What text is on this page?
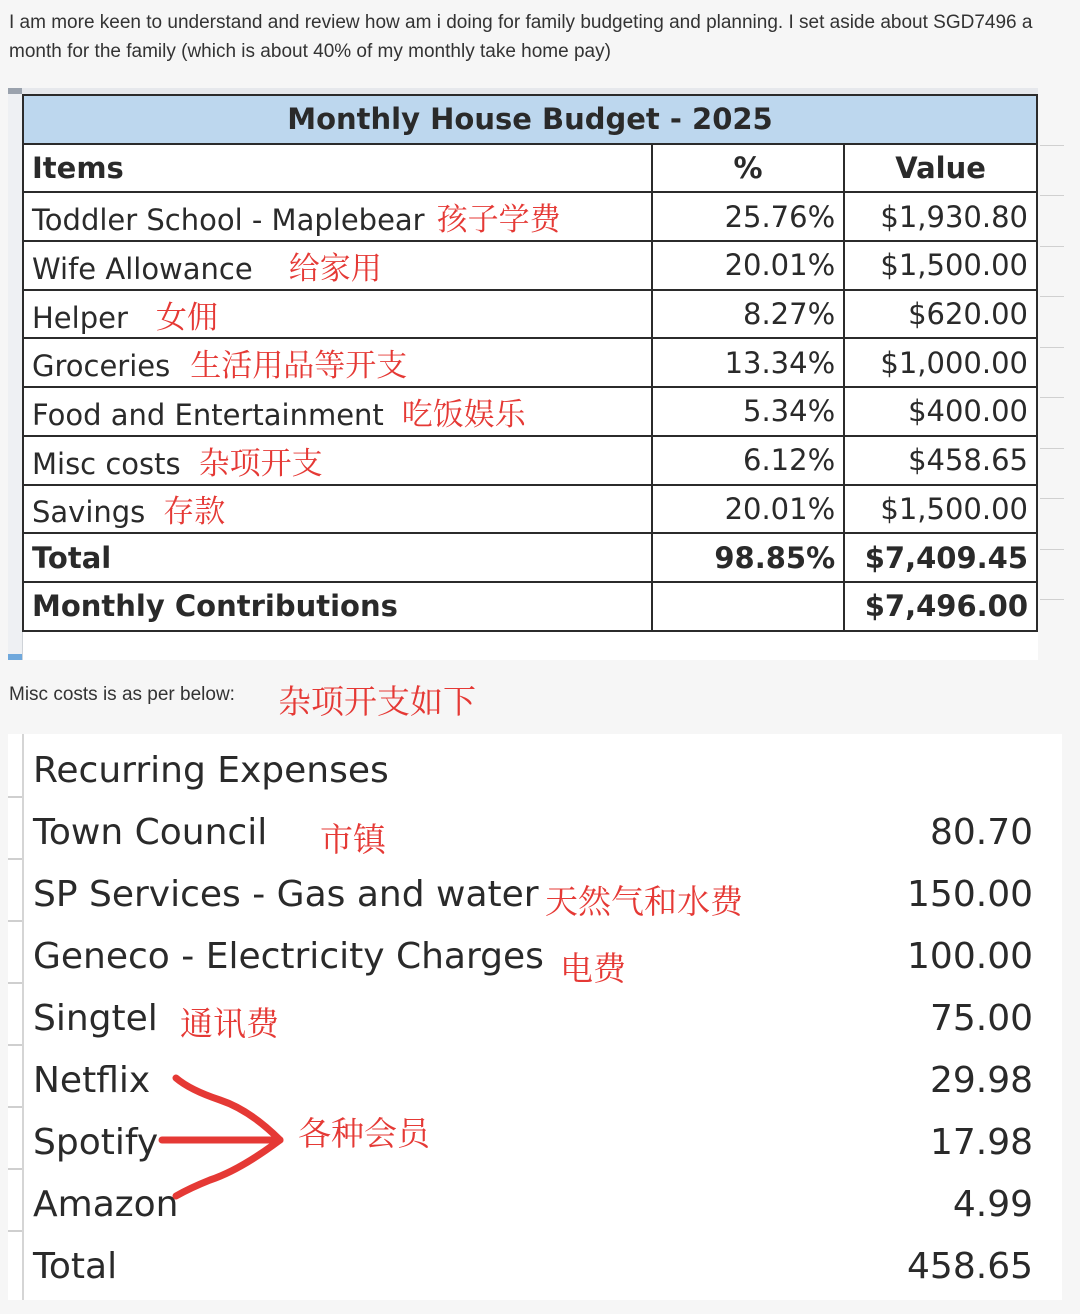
I am more keen to understand and review how am i doing for family budgeting and planning. I set aside about SGD7496 a month for the family (which is about 40% of my monthly take home pay)
Monthly House Budget - 2025		
Items	%	Value
Toddler School - Maplebear 孩子学费	25.76%	$1,930.80
Wife Allowance 给家用	20.01%	$1,500.00
Helper 女佣	8.27%	$620.00
Groceries 生活用品等开支	13.34%	$1,000.00
Food and Entertainment 吃饭娱乐	5.34%	$400.00
Misc costs 杂项开支	6.12%	$458.65
Savings 存款	20.01%	$1,500.00
Total	98.85%	$7,409.45
Monthly Contributions		$7,496.00
Misc costs is as per below: 杂项开支如下
Recurring Expenses
Town Council	80.70
市镇
SP Services - Gas and water	150.00
天然气和水费
Geneco - Electricity Charges	100.00
电费
Singtel	75.00
通讯费
Netflix	29.98
Spotify	17.98
Amazon	4.99
Total	458.65
各种会员
